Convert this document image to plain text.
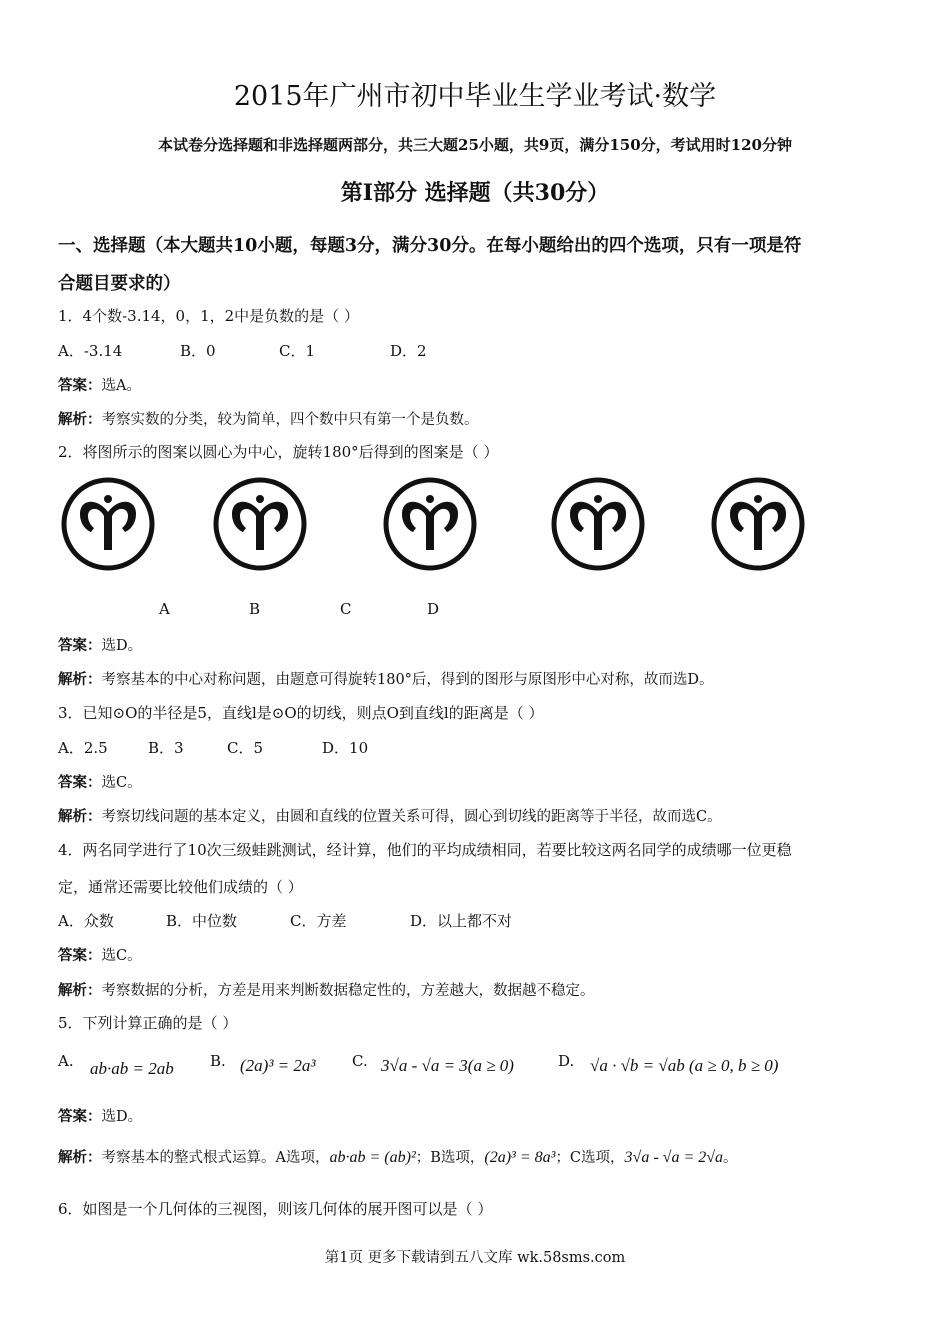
2015年广州市初中毕业生学业考试·数学
本试卷分选择题和非选择题两部分，共三大题25小题，共9页，满分150分，考试用时120分钟
第I部分 选择题（共30分）
一、选择题（本大题共10小题，每题3分，满分30分。在每小题给出的四个选项，只有一项是符
合题目要求的）
1．4个数-3.14，0，1，2中是负数的是（ ）
A．-3.14	B．0	C．1	D．2
答案：选A。
解析：考察实数的分类，较为简单，四个数中只有第一个是负数。
2．将图所示的图案以圆心为中心，旋转180°后得到的图案是（ ）
A	B	C	D
答案：选D。
解析：考察基本的中心对称问题，由题意可得旋转180°后，得到的图形与原图形中心对称，故而选D。
3．已知⊙O的半径是5，直线l是⊙O的切线，则点O到直线l的距离是（ ）
A．2.5	B．3	C．5	D．10
答案：选C。
解析：考察切线问题的基本定义，由圆和直线的位置关系可得，圆心到切线的距离等于半径，故而选C。
4．两名同学进行了10次三级蛙跳测试，经计算，他们的平均成绩相同，若要比较这两名同学的成绩哪一位更稳
定，通常还需要比较他们成绩的（ ）
A．众数	B．中位数	C．方差	D．以上都不对
答案：选C。
解析：考察数据的分析，方差是用来判断数据稳定性的，方差越大，数据越不稳定。
5．下列计算正确的是（ ）
A. ab·ab = 2ab B. (2a)³ = 2a³ C. 3√a - √a = 3(a ≥ 0)	D. √a · √b = √ab (a ≥ 0, b ≥ 0)
答案：选D。
解析：考察基本的整式根式运算。A选项，ab·ab = (ab)²；B选项，(2a)³ = 8a³；C选项，3√a - √a = 2√a。
6．如图是一个几何体的三视图，则该几何体的展开图可以是（ ）
第1页 更多下载请到五八文库 wk.58sms.com
